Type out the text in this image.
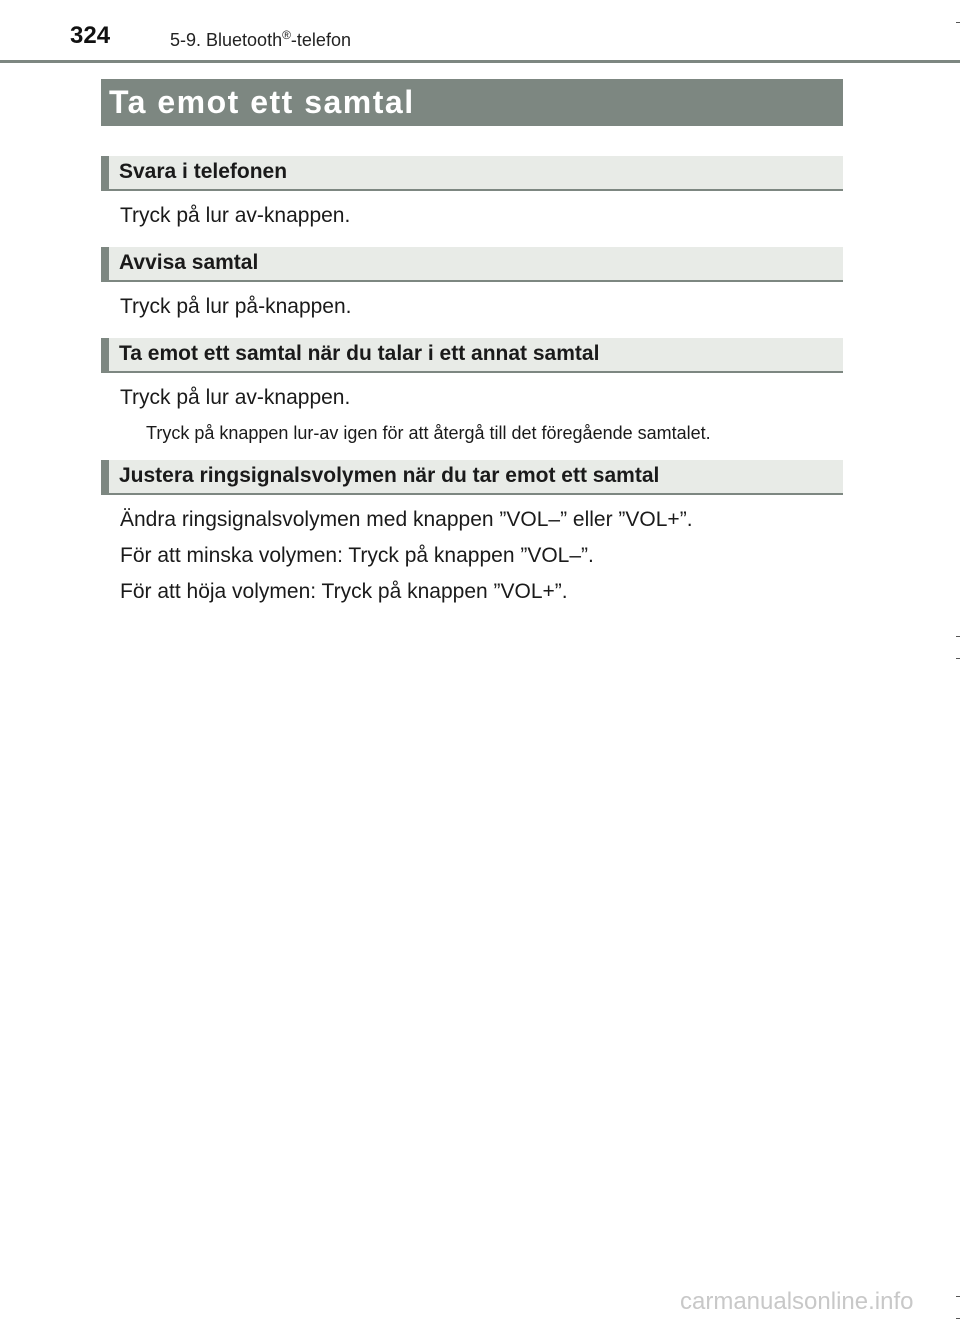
324	5-9. Bluetooth®-telefon
Ta emot ett samtal
Svara i telefonen
Tryck på lur av-knappen.
Avvisa samtal
Tryck på lur på-knappen.
Ta emot ett samtal när du talar i ett annat samtal
Tryck på lur av-knappen.
Tryck på knappen lur-av igen för att återgå till det föregående samtalet.
Justera ringsignalsvolymen när du tar emot ett samtal
Ändra ringsignalsvolymen med knappen ”VOL–” eller ”VOL+”.
För att minska volymen: Tryck på knappen ”VOL–”.
För att höja volymen: Tryck på knappen ”VOL+”.
carmanualsonline.info
